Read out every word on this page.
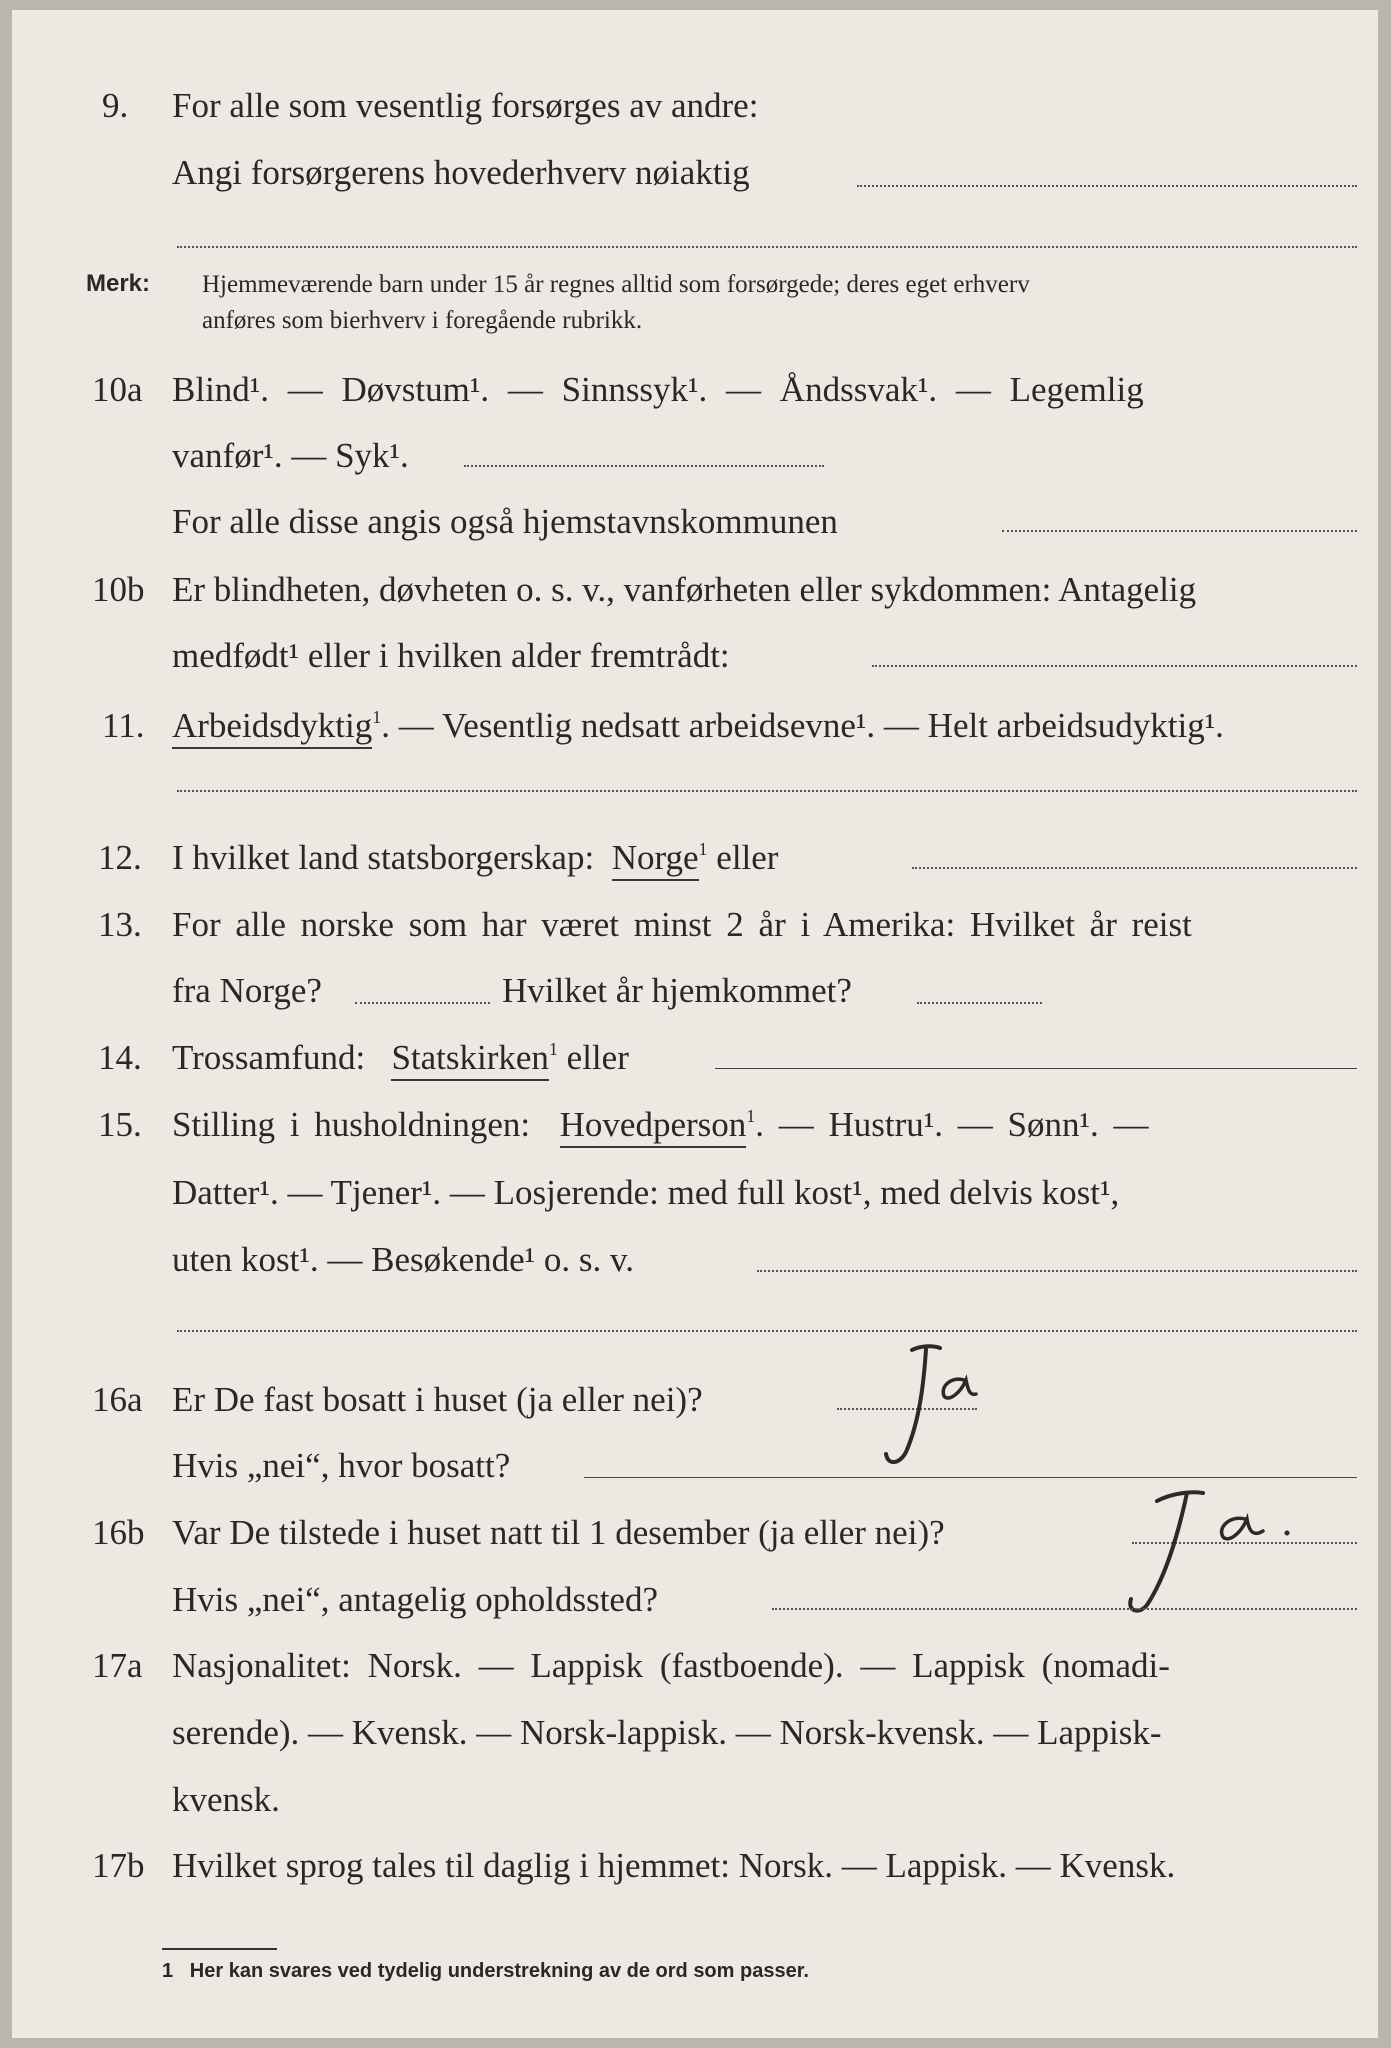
9. For alle som vesentlig forsørges av andre:
Angi forsørgerens hovederhverv nøiaktig
Merk: Hjemmeværende barn under 15 år regnes alltid som forsørgede; deres eget erhverv
anføres som bierhverv i foregående rubrikk.
10a Blind¹. — Døvstum¹. — Sinnssyk¹. — Åndssvak¹. — Legemlig
vanfør¹. — Syk¹.
For alle disse angis også hjemstavnskommunen
10b Er blindheten, døvheten o. s. v., vanførheten eller sykdommen: Antagelig
medfødt¹ eller i hvilken alder fremtrådt:
11. Arbeidsdyktig$^1$. — Vesentlig nedsatt arbeidsevne¹. — Helt arbeidsudyktig¹.
12. I hvilket land statsborgerskap: Norge$^1$ eller
13. For alle norske som har været minst 2 år i Amerika: Hvilket år reist
fra Norge?	Hvilket år hjemkommet?
14. Trossamfund: Statskirken$^1$ eller
15. Stilling i husholdningen: Hovedperson$^1$. — Hustru¹. — Sønn¹. —
Datter¹. — Tjener¹. — Losjerende: med full kost¹, med delvis kost¹,
uten kost¹. — Besøkende¹ o. s. v.
16a Er De fast bosatt i huset (ja eller nei)?	Ja
Hvis „nei“, hvor bosatt?
16b Var De tilstede i huset natt til 1 desember (ja eller nei)?
Hvis „nei“, antagelig opholdssted?
17a Nasjonalitet: Norsk. — Lappisk (fastboende). — Lappisk (nomadi-
serende). — Kvensk. — Norsk-lappisk. — Norsk-kvensk. — Lappisk-
kvensk.
17b Hvilket sprog tales til daglig i hjemmet: Norsk. — Lappisk. — Kvensk.
1 Her kan svares ved tydelig understrekning av de ord som passer.
